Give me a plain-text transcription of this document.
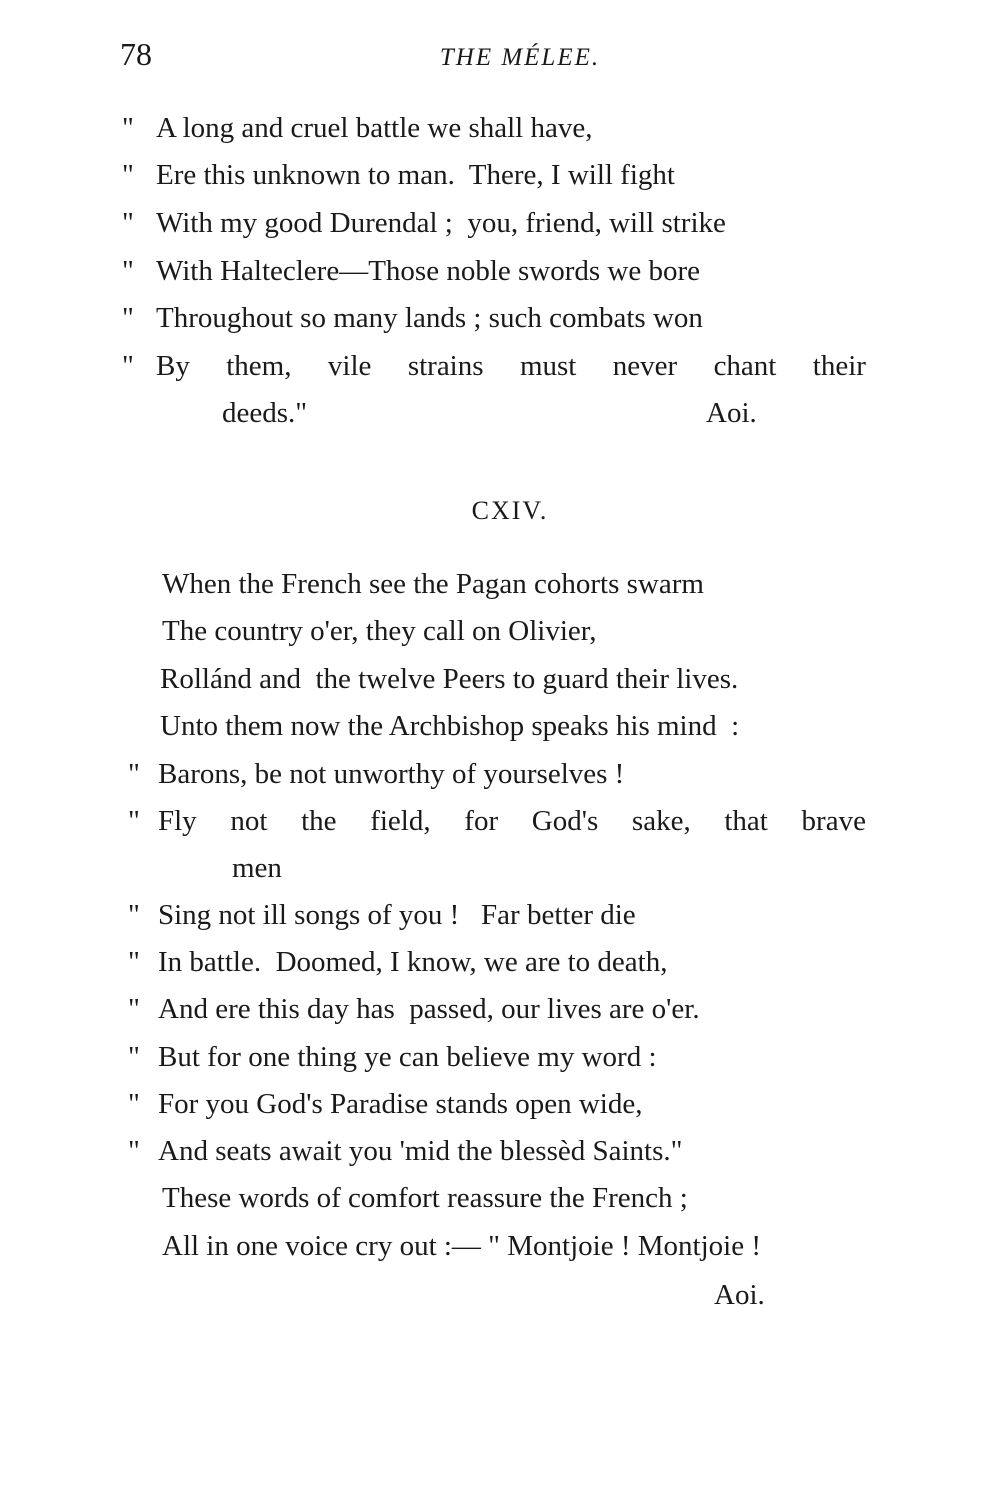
78	THE MÉLEE.
" A long and cruel battle we shall have,
" Ere this unknown to man.  There, I will fight
" With my good Durendal ;  you, friend, will strike
" With Halteclere—Those noble swords we bore
" Throughout so many lands ; such combats won
" By them, vile strains must never chant their
deeds."	Aoi.
CXIV.
When the French see the Pagan cohorts swarm
The country o'er, they call on Olivier,
Rollánd and  the twelve Peers to guard their lives.
Unto them now the Archbishop speaks his mind  :
" Barons, be not unworthy of yourselves !
" Fly not the field, for God's sake, that brave
men
" Sing not ill songs of you !   Far better die
" In battle.  Doomed, I know, we are to death,
" And ere this day has  passed, our lives are o'er.
" But for one thing ye can believe my word :
" For you God's Paradise stands open wide,
" And seats await you 'mid the blessèd Saints."
These words of comfort reassure the French ;
All in one voice cry out :— " Montjoie ! Montjoie !
Aoi.
